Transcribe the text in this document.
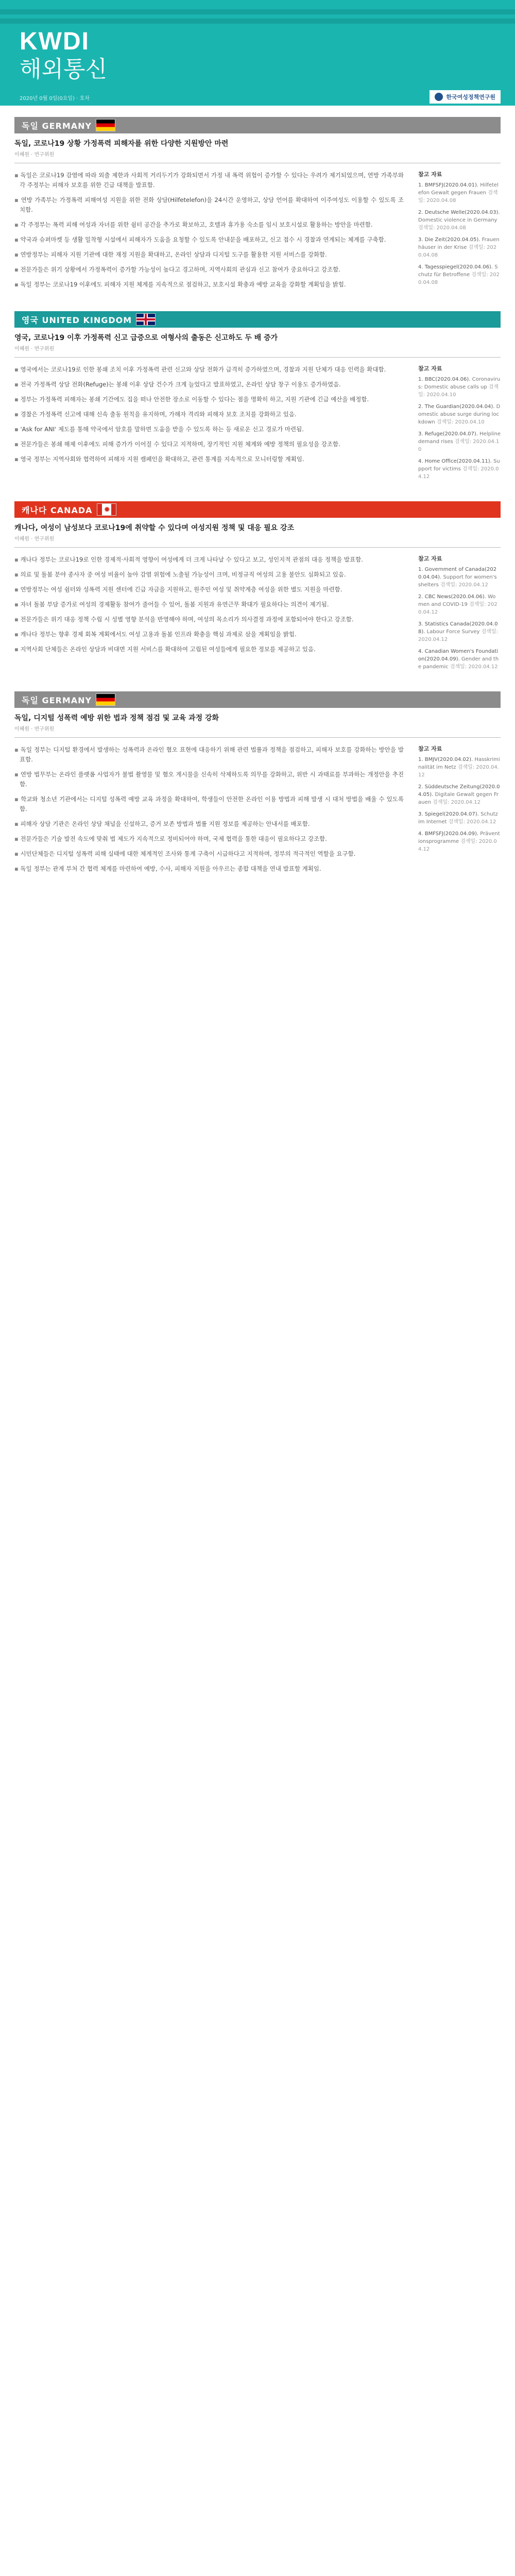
KWDI
해외통신
2020년 0월 0일(0요일) · 호차	한국여성정책연구원
독일 GERMANY
독일, 코로나19 상황 가정폭력 피해자를 위한 다양한 지원방안 마련
이혜원 · 연구위원

▪ 독일은 코로나19 감염에 따라 외출 제한과 사회적 거리두기가 강화되면서 가정 내 폭력 위험이 증가할 수 있다는 우려가 제기되었으며, 연방 가족부와 각 주정부는 피해자 보호를 위한 긴급 대책을 발표함.

▪ 연방 가족부는 가정폭력 피해여성 지원을 위한 전화 상담(Hilfetelefon)을 24시간 운영하고, 상담 언어를 확대하여 이주여성도 이용할 수 있도록 조치함.

▪ 각 주정부는 폭력 피해 여성과 자녀를 위한 쉼터 공간을 추가로 확보하고, 호텔과 휴가용 숙소를 임시 보호시설로 활용하는 방안을 마련함.

▪ 약국과 슈퍼마켓 등 생활 밀착형 시설에서 피해자가 도움을 요청할 수 있도록 안내문을 배포하고, 신고 접수 시 경찰과 연계되는 체계를 구축함.

▪ 연방정부는 피해자 지원 기관에 대한 재정 지원을 확대하고, 온라인 상담과 디지털 도구를 활용한 지원 서비스를 강화함.

▪ 전문가들은 위기 상황에서 가정폭력이 증가할 가능성이 높다고 경고하며, 지역사회의 관심과 신고 참여가 중요하다고 강조함.

▪ 독일 정부는 코로나19 이후에도 피해자 지원 체계를 지속적으로 점검하고, 보호시설 확충과 예방 교육을 강화할 계획임을 밝힘.

참고 자료
1. BMFSFJ(2020.04.01). Hilfetelefon Gewalt gegen Frauen 검색일: 2020.04.08
2. Deutsche Welle(2020.04.03). Domestic violence in Germany 검색일: 2020.04.08
3. Die Zeit(2020.04.05). Frauenhäuser in der Krise 검색일: 2020.04.08
4. Tagesspiegel(2020.04.06). Schutz für Betroffene 검색일: 2020.04.08
영국 UNITED KINGDOM
영국, 코로나19 이후 가정폭력 신고 급증으로 여형사의 출동은 신고하도 두 배 증가
이혜원 · 연구위원

▪ 영국에서는 코로나19로 인한 봉쇄 조치 이후 가정폭력 관련 신고와 상담 전화가 급격히 증가하였으며, 경찰과 지원 단체가 대응 인력을 확대함.

▪ 전국 가정폭력 상담 전화(Refuge)는 봉쇄 이후 상담 건수가 크게 늘었다고 발표하였고, 온라인 상담 창구 이용도 증가하였음.

▪ 정부는 가정폭력 피해자는 봉쇄 기간에도 집을 떠나 안전한 장소로 이동할 수 있다는 점을 명확히 하고, 지원 기관에 긴급 예산을 배정함.

▪ 경찰은 가정폭력 신고에 대해 신속 출동 원칙을 유지하며, 가해자 격리와 피해자 보호 조치를 강화하고 있음.

▪ 'Ask for ANI' 제도를 통해 약국에서 암호를 말하면 도움을 받을 수 있도록 하는 등 새로운 신고 경로가 마련됨.

▪ 전문가들은 봉쇄 해제 이후에도 피해 증가가 이어질 수 있다고 지적하며, 장기적인 지원 체계와 예방 정책의 필요성을 강조함.

▪ 영국 정부는 지역사회와 협력하여 피해자 지원 캠페인을 확대하고, 관련 통계를 지속적으로 모니터링할 계획임.

참고 자료
1. BBC(2020.04.06). Coronavirus: Domestic abuse calls up 검색일: 2020.04.10
2. The Guardian(2020.04.04). Domestic abuse surge during lockdown 검색일: 2020.04.10
3. Refuge(2020.04.07). Helpline demand rises 검색일: 2020.04.10
4. Home Office(2020.04.11). Support for victims 검색일: 2020.04.12
캐나다 CANADA
✹
캐나다, 여성이 남성보다 코로나19에 취약할 수 있다며 여성지원 정책 및 대응 필요 강조
이혜원 · 연구위원

▪ 캐나다 정부는 코로나19로 인한 경제적·사회적 영향이 여성에게 더 크게 나타날 수 있다고 보고, 성인지적 관점의 대응 정책을 발표함.

▪ 의료 및 돌봄 분야 종사자 중 여성 비율이 높아 감염 위험에 노출될 가능성이 크며, 비정규직 여성의 고용 불안도 심화되고 있음.

▪ 연방정부는 여성 쉼터와 성폭력 지원 센터에 긴급 자금을 지원하고, 원주민 여성 및 취약계층 여성을 위한 별도 지원을 마련함.

▪ 자녀 돌봄 부담 증가로 여성의 경제활동 참여가 줄어들 수 있어, 돌봄 지원과 유연근무 확대가 필요하다는 의견이 제기됨.

▪ 전문가들은 위기 대응 정책 수립 시 성별 영향 분석을 반영해야 하며, 여성의 목소리가 의사결정 과정에 포함되어야 한다고 강조함.

▪ 캐나다 정부는 향후 경제 회복 계획에서도 여성 고용과 돌봄 인프라 확충을 핵심 과제로 삼을 계획임을 밝힘.

▪ 지역사회 단체들은 온라인 상담과 비대면 지원 서비스를 확대하여 고립된 여성들에게 필요한 정보를 제공하고 있음.

참고 자료
1. Government of Canada(2020.04.04). Support for women's shelters 검색일: 2020.04.12
2. CBC News(2020.04.06). Women and COVID-19 검색일: 2020.04.12
3. Statistics Canada(2020.04.08). Labour Force Survey 검색일: 2020.04.12
4. Canadian Women's Foundation(2020.04.09). Gender and the pandemic 검색일: 2020.04.12
독일 GERMANY
독일, 디지털 성폭력 예방 위한 법과 정책 점검 및 교육 과정 강화
이혜원 · 연구위원

▪ 독일 정부는 디지털 환경에서 발생하는 성폭력과 온라인 혐오 표현에 대응하기 위해 관련 법률과 정책을 점검하고, 피해자 보호를 강화하는 방안을 발표함.

▪ 연방 법무부는 온라인 플랫폼 사업자가 불법 촬영물 및 혐오 게시물을 신속히 삭제하도록 의무를 강화하고, 위반 시 과태료를 부과하는 개정안을 추진함.

▪ 학교와 청소년 기관에서는 디지털 성폭력 예방 교육 과정을 확대하여, 학생들이 안전한 온라인 이용 방법과 피해 발생 시 대처 방법을 배울 수 있도록 함.

▪ 피해자 상담 기관은 온라인 상담 채널을 신설하고, 증거 보존 방법과 법률 지원 정보를 제공하는 안내서를 배포함.

▪ 전문가들은 기술 발전 속도에 맞춰 법 제도가 지속적으로 정비되어야 하며, 국제 협력을 통한 대응이 필요하다고 강조함.

▪ 시민단체들은 디지털 성폭력 피해 실태에 대한 체계적인 조사와 통계 구축이 시급하다고 지적하며, 정부의 적극적인 역할을 요구함.

▪ 독일 정부는 관계 부처 간 협력 체계를 마련하여 예방, 수사, 피해자 지원을 아우르는 종합 대책을 연내 발표할 계획임.

참고 자료
1. BMJV(2020.04.02). Hasskriminalität im Netz 검색일: 2020.04.12
2. Süddeutsche Zeitung(2020.04.05). Digitale Gewalt gegen Frauen 검색일: 2020.04.12
3. Spiegel(2020.04.07). Schutz im Internet 검색일: 2020.04.12
4. BMFSFJ(2020.04.09). Präventionsprogramme 검색일: 2020.04.12
